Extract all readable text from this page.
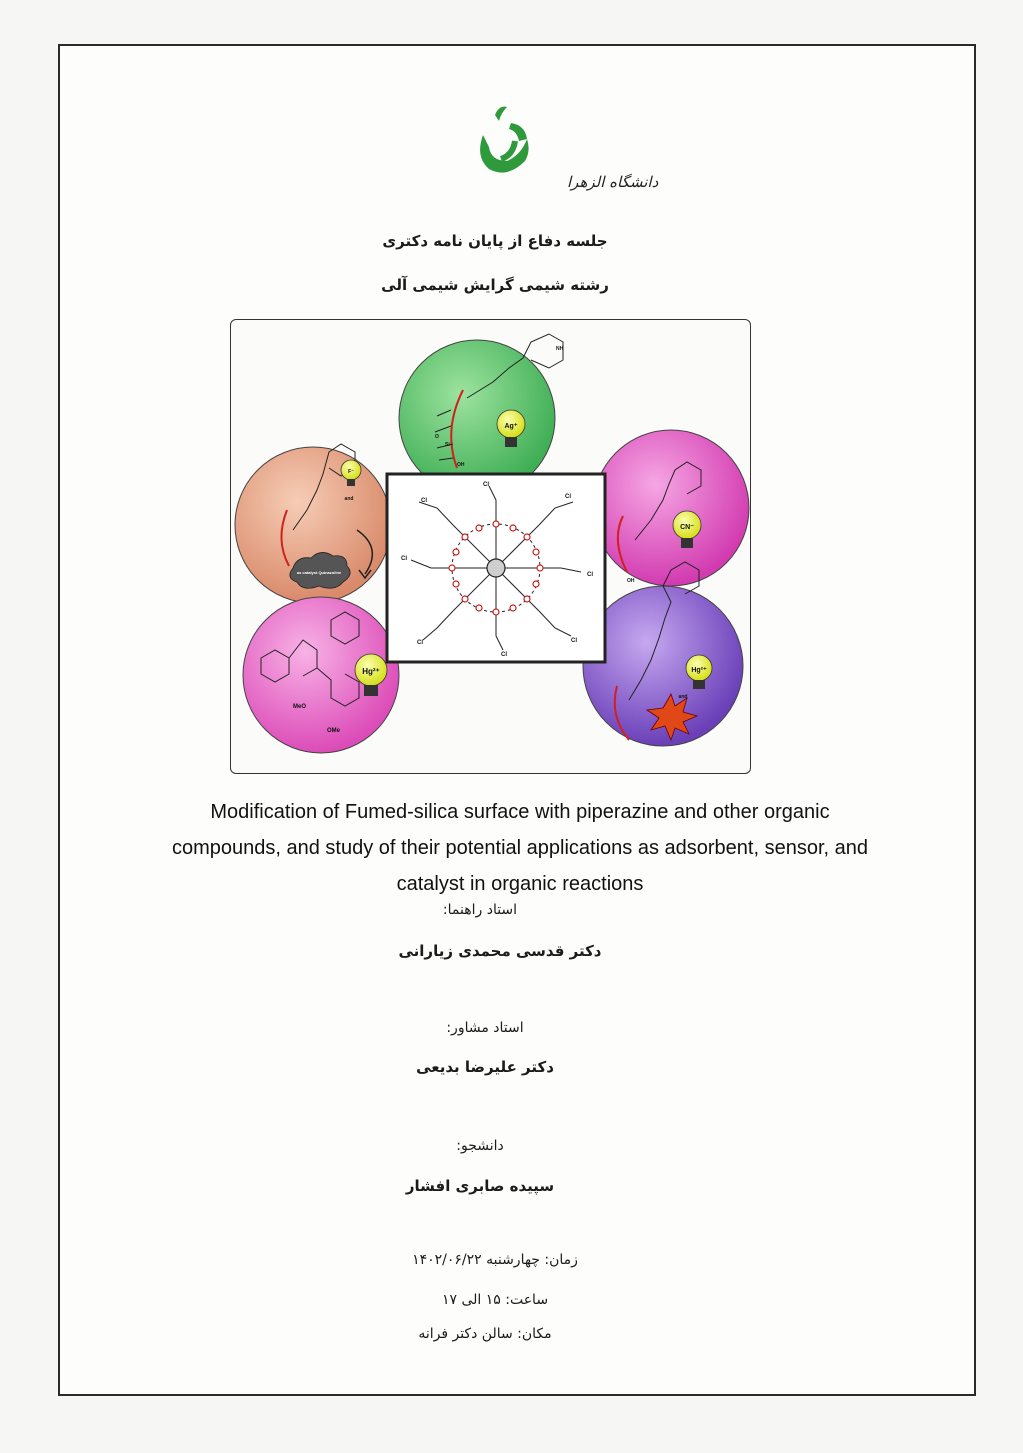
دانشگاه الزهرا
جلسه دفاع از پایان نامه دکتری
رشته شیمی گرایش شیمی آلی
Ag⁺
F⁻
CN⁻
Hg²⁺	Hg²⁺
and
and
as catalyst Quinazoline
NH
MeO
OMe
OH
OH
Si
O
Cl
Cl
Cl	Cl
Cl
Cl
Cl
Cl
Modification of Fumed-silica surface with piperazine and other organic
compounds, and study of their potential applications as adsorbent, sensor, and
catalyst in organic reactions
استاد راهنما:
دکتر قدسی محمدی زیارانی
استاد مشاور:
دکتر علیرضا بدیعی
دانشجو:
سپیده صابری افشار
زمان: چهارشنبه ۱۴۰۲/۰۶/۲۲
ساعت: ۱۵ الی ۱۷
مکان: سالن دکتر فرانه
